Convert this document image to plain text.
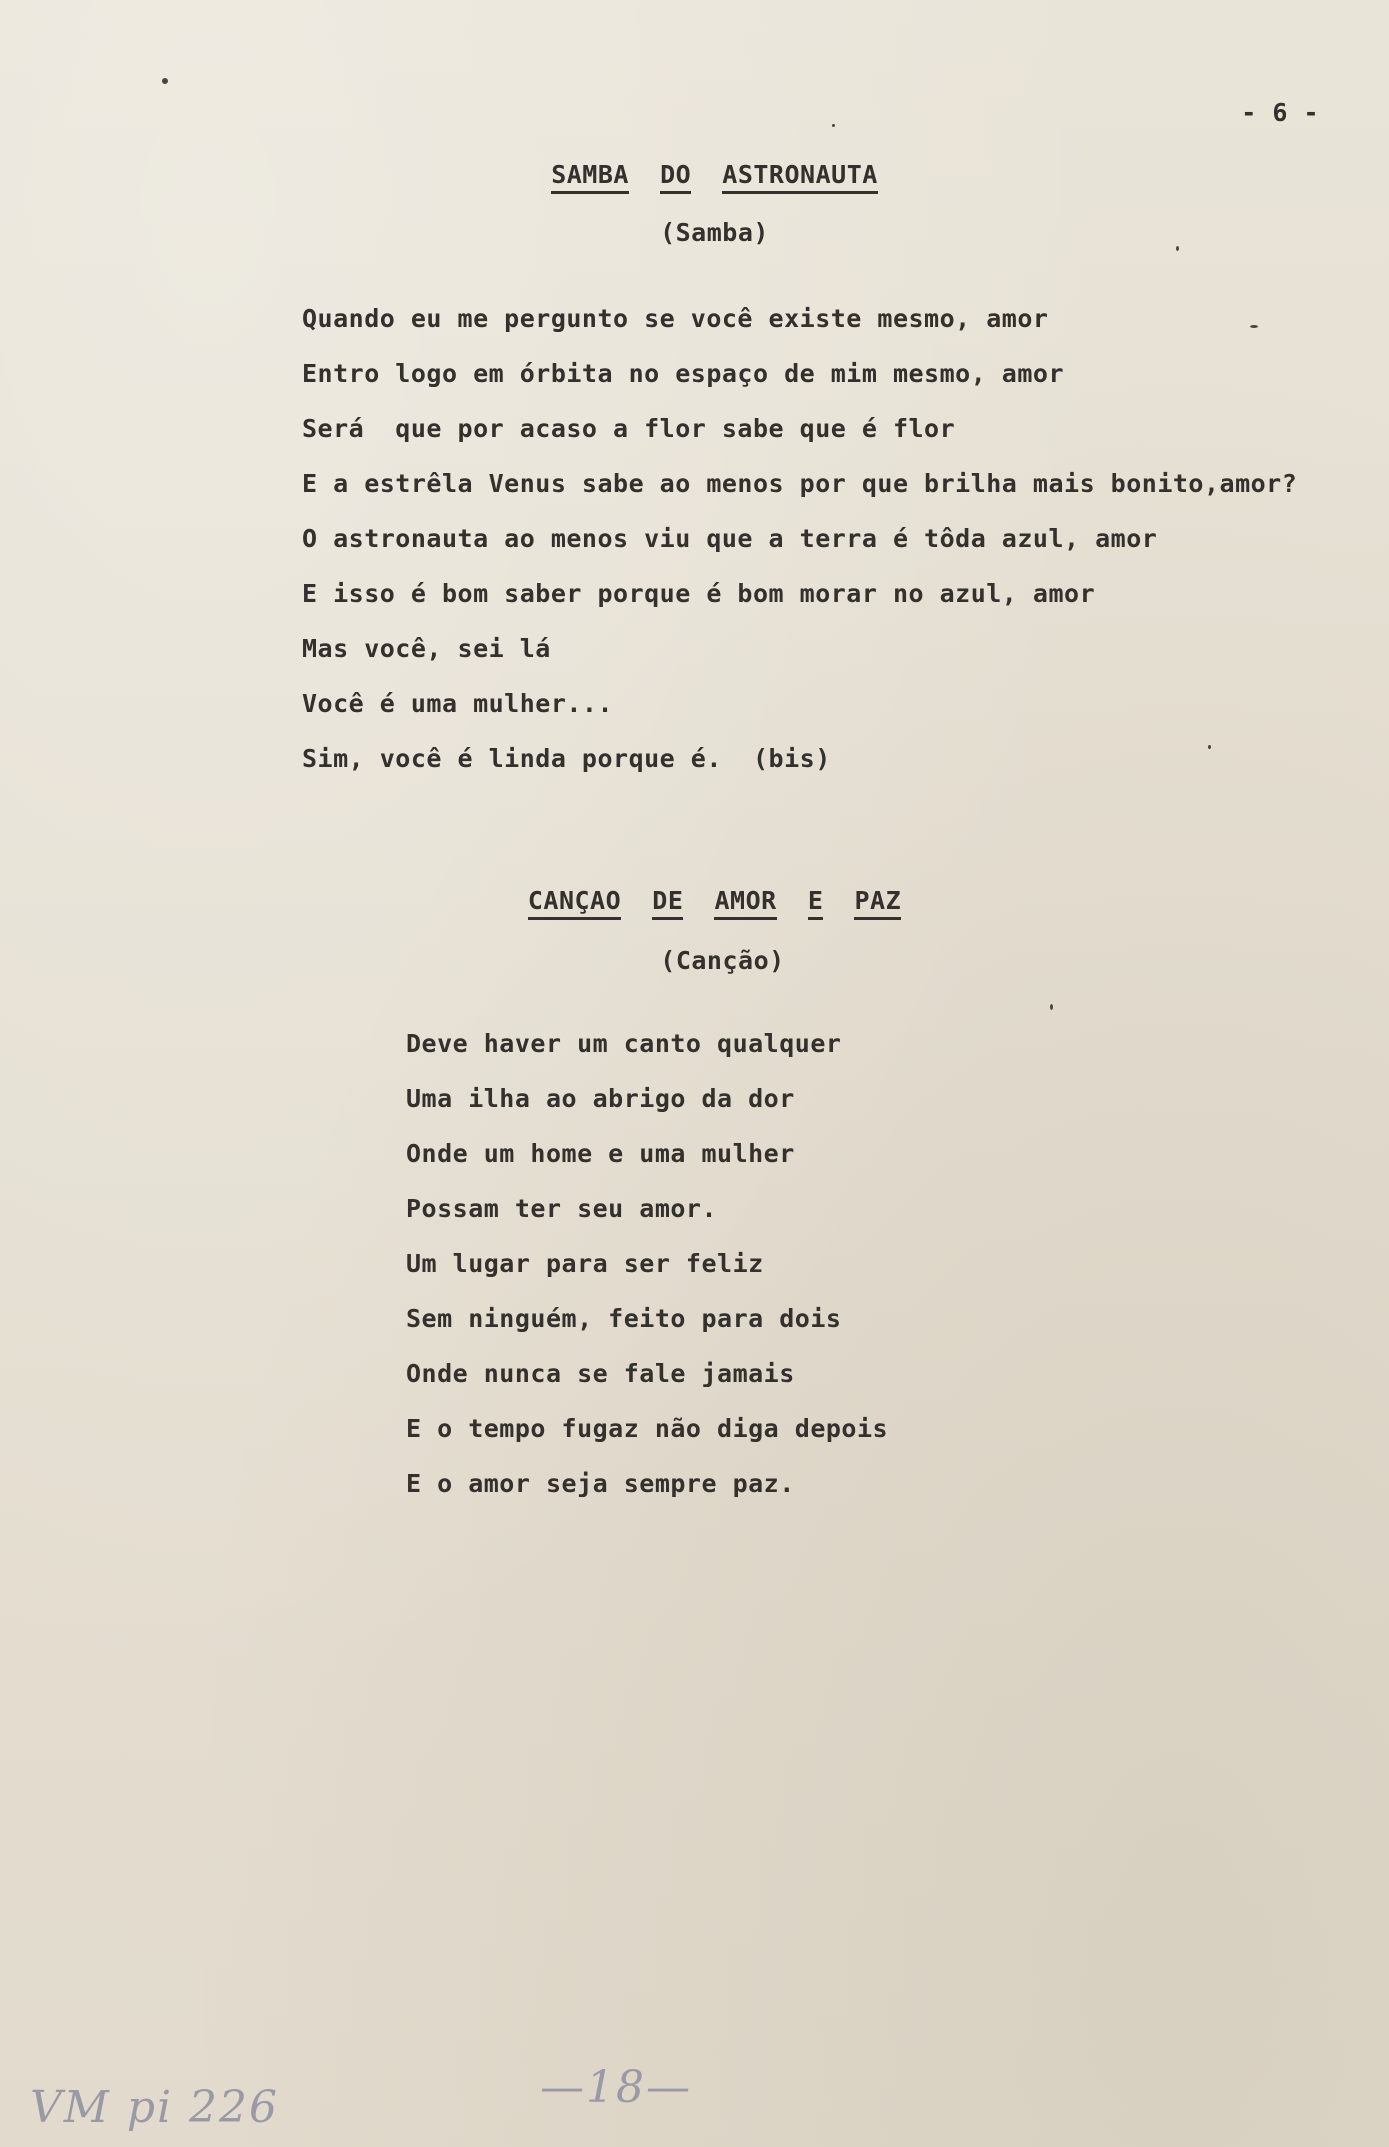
- 6 -
SAMBA DO ASTRONAUTA
(Samba)
Quando eu me pergunto se você existe mesmo, amor
Entro logo em órbita no espaço de mim mesmo, amor
Será  que por acaso a flor sabe que é flor
E a estrêla Venus sabe ao menos por que brilha mais bonito,amor?
O astronauta ao menos viu que a terra é tôda azul, amor
E isso é bom saber porque é bom morar no azul, amor
Mas você, sei lá
Você é uma mulher...
Sim, você é linda porque é.  (bis)
CANÇAO DE AMOR E PAZ
(Canção)
Deve haver um canto qualquer
Uma ilha ao abrigo da dor
Onde um home e uma mulher
Possam ter seu amor.
Um lugar para ser feliz
Sem ninguém, feito para dois
Onde nunca se fale jamais
E o tempo fugaz não diga depois
E o amor seja sempre paz.
VM pi 226	—18—
